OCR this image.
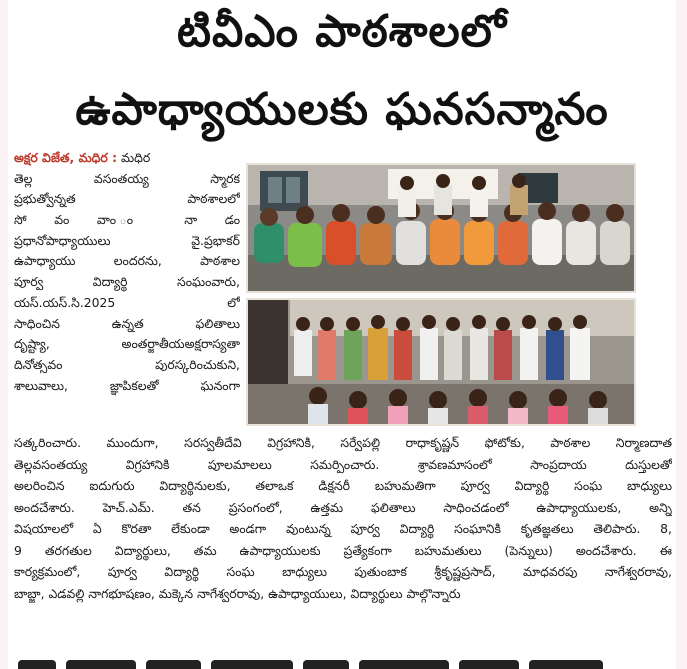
టివీఎం పాఠశాలలో
ఉపాధ్యాయులకు ఘనసన్మానం
అక్షర విజేత, మధిర : మధిర
తెల్ల వసంతయ్య స్మారక
ప్రభుత్వోన్నత పాఠశాలలో
సో వం వాం ం నా డం
ప్రధానోపాధ్యాయులు వై.ప్రభాకర్
ఉపాధ్యాయు లందరను, పాఠశాల
పూర్వ విద్యార్థి సంఘంవారు,
యస్.యస్.సి.2025 లో
సాధించిన ఉన్నత ఫలితాలు
దృష్ట్యా, అంతర్జాతీయఅక్షరాస్యతా
దినోత్సవం పురస్కరించుకుని,
శాలువాలు, జ్ఞాపికలతో ఘనంగా
సత్కరించారు. ముందుగా, సరస్వతీదేవి విగ్రహానికి, సర్వేపల్లి రాధాకృష్ణన్ ఫోటోకు, పాఠశాల నిర్మాణదాత
తెల్లవసంతయ్య విగ్రహానికి పూలమాలలు సమర్పించారు. శ్రావణమాసంలో సాంప్రదాయ దుస్తులతో
అలరించిన ఐదుగురు విద్యార్థినులకు, తలాఒక డిక్షనరీ బహుమతిగా పూర్వ విద్యార్థి సంఘ బాధ్యులు
అందచేశారు. హెచ్.ఎమ్. తన ప్రసంగంలో, ఉత్తమ ఫలితాలు సాధించడంలో ఉపాధ్యాయులకు, అన్ని
విషయాలలో ఏ కొరతా లేకుండా అండగా వుంటున్న పూర్వ విద్యార్థి సంఘానికి కృతజ్ఞతలు తెలిపారు. 8,
9 తరగతుల విద్యార్థులు, తమ ఉపాధ్యాయులకు ప్రత్యేకంగా బహుమతులు (పెన్నులు) అందచేశారు. ఈ
కార్యక్రమంలో, పూర్వ విద్యార్థి సంఘ బాధ్యులు పుతుంబాక శ్రీకృష్ణప్రసాద్, మాధవరపు నాగేశ్వరరావు,
బాబ్జా, ఎడవల్లి నాగభూషణం, మక్కెన నాగేశ్వరరావు, ఉపాధ్యాయులు, విద్యార్థులు పాల్గొన్నారు
